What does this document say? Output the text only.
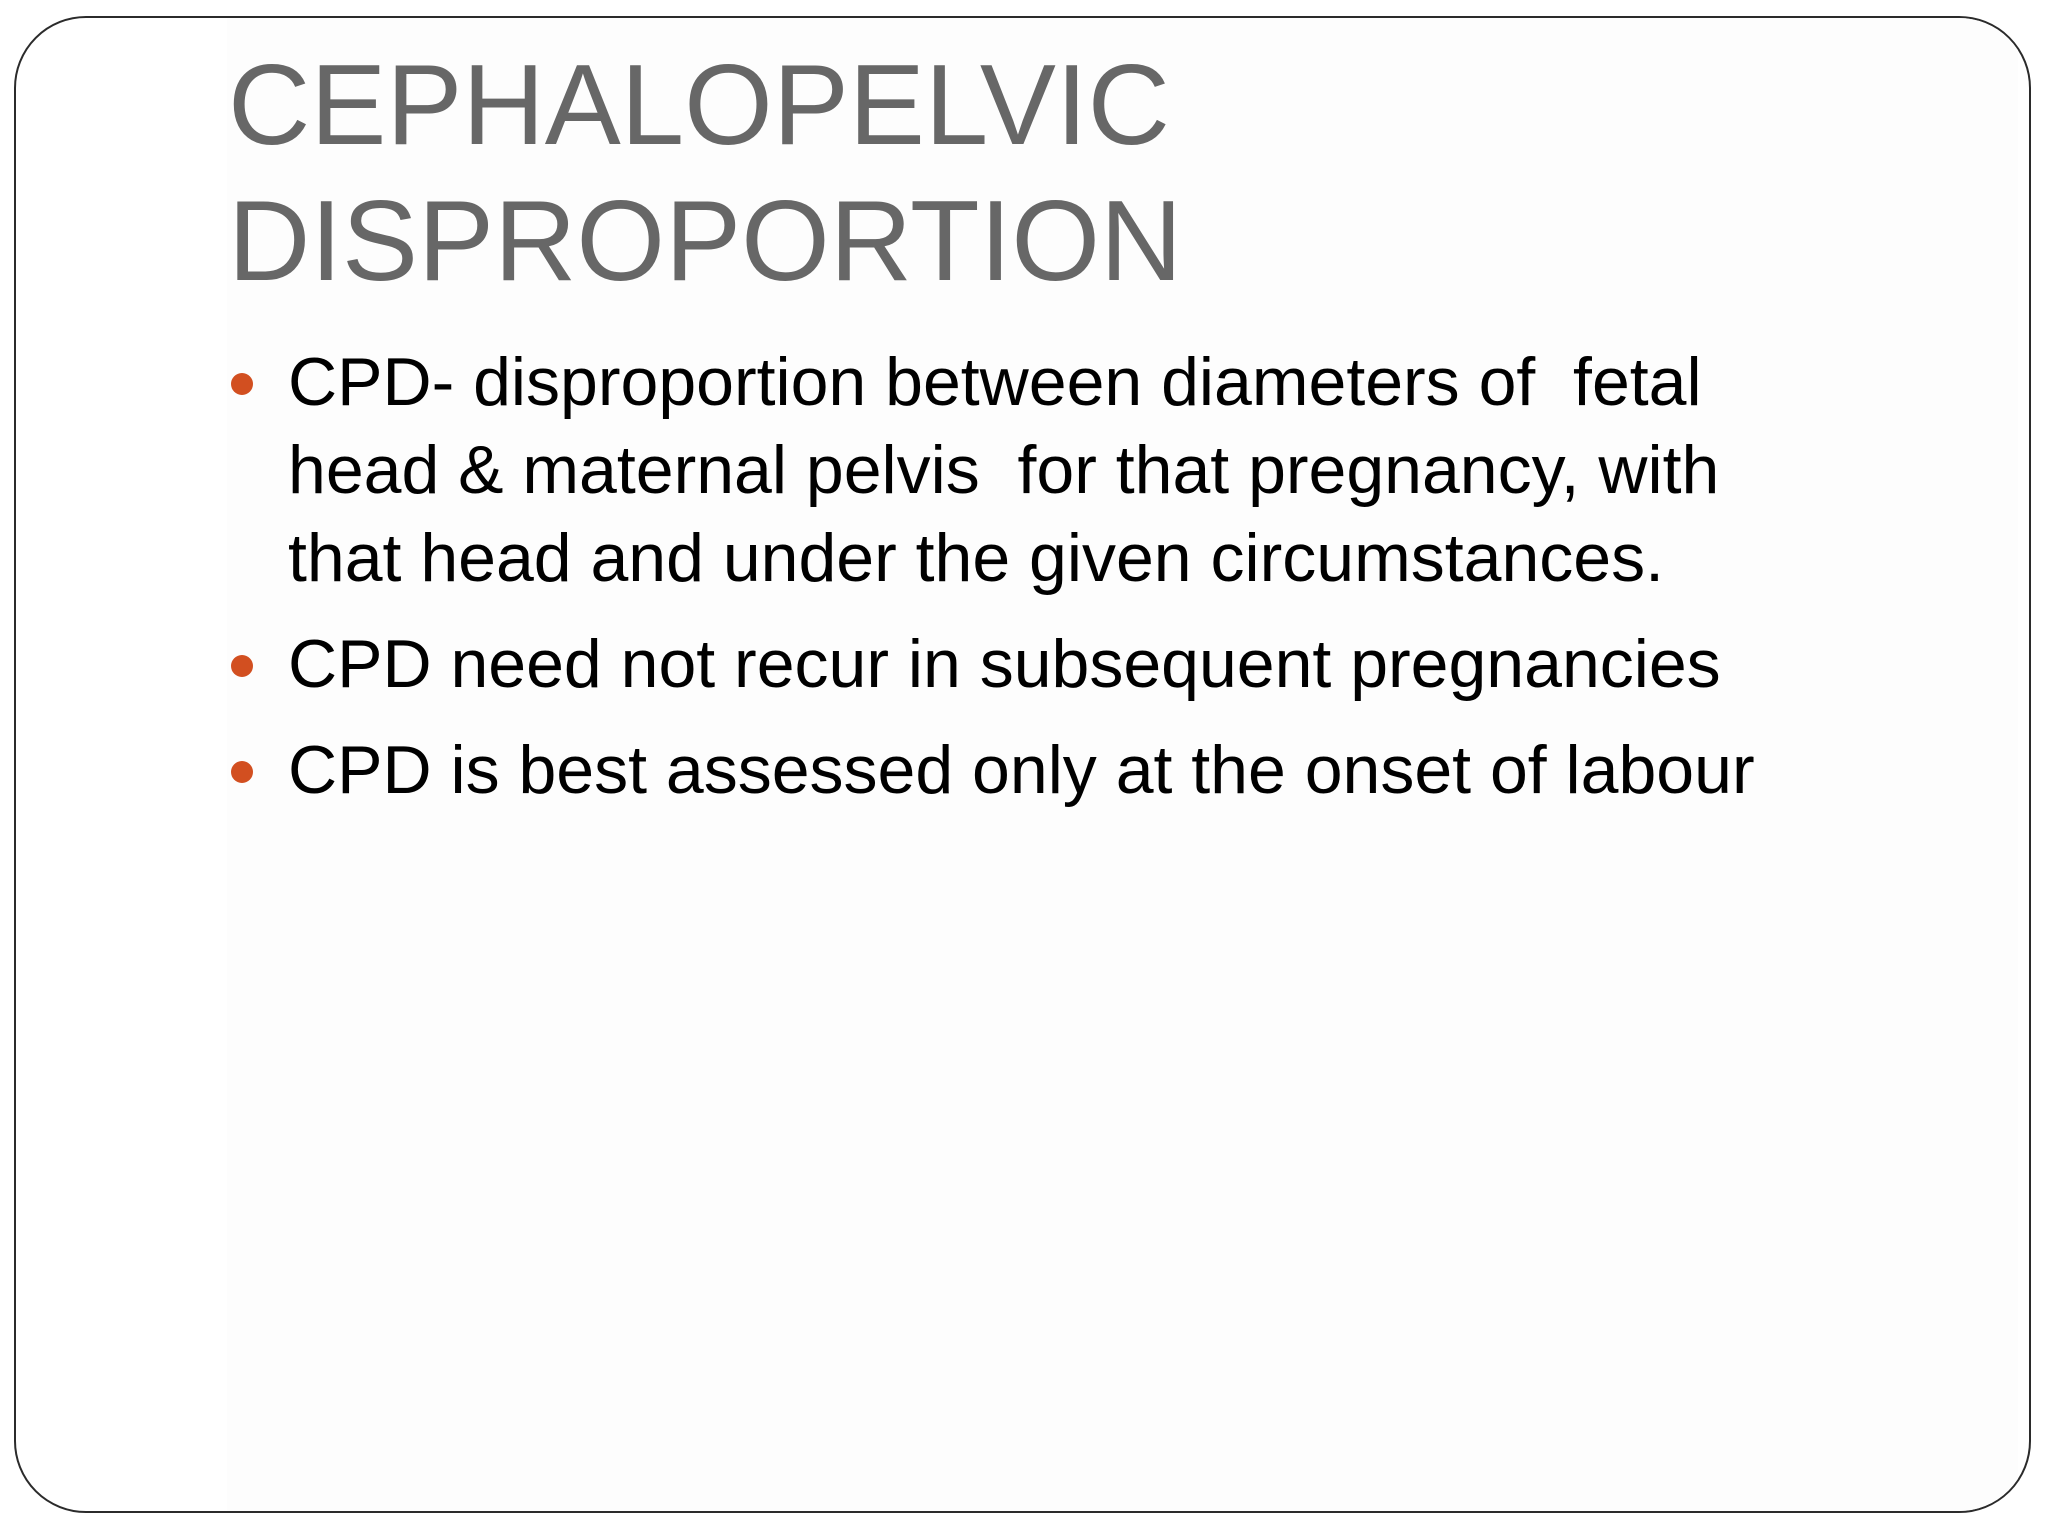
CEPHALOPELVIC
DISPROPORTION
CPD- disproportion between diameters of  fetal
head & maternal pelvis  for that pregnancy, with
that head and under the given circumstances.
CPD need not recur in subsequent pregnancies
CPD is best assessed only at the onset of labour
